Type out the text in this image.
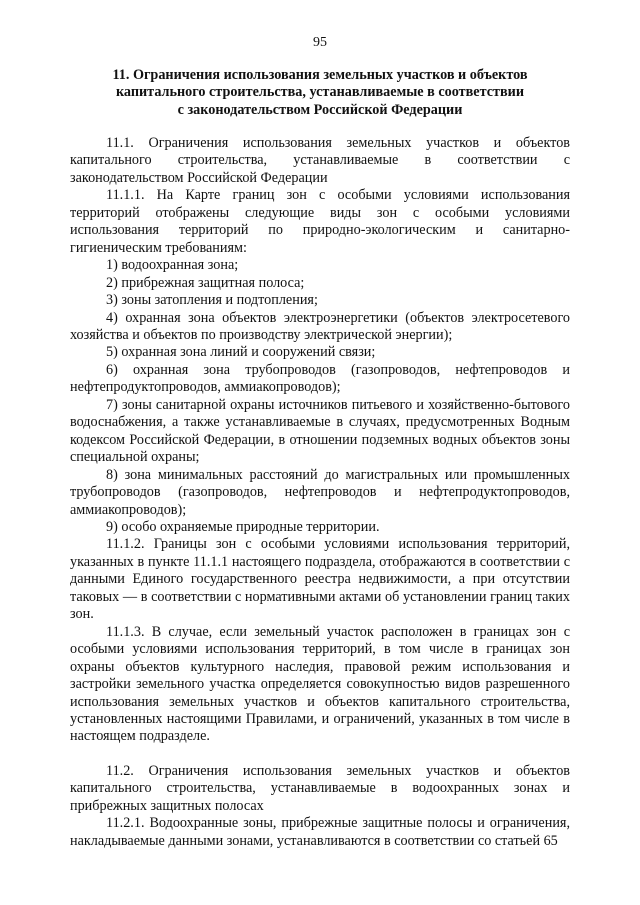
95
11. Ограничения использования земельных участков и объектов
капитального строительства, устанавливаемые в соответствии
с законодательством Российской Федерации

11.1. Ограничения использования земельных участков и объектов капитального строительства, устанавливаемые в соответствии с законодательством Российской Федерации

11.1.1. На Карте границ зон с особыми условиями использования территорий отображены следующие виды зон с особыми условиями использования территорий по природно-экологическим и санитарно-гигиеническим требованиям:

1) водоохранная зона;

2) прибрежная защитная полоса;

3) зоны затопления и подтопления;

4) охранная зона объектов электроэнергетики (объектов электросетевого хозяйства и объектов по производству электрической энергии);

5) охранная зона линий и сооружений связи;

6) охранная зона трубопроводов (газопроводов, нефтепроводов и нефтепродуктопроводов, аммиакопроводов);

7) зоны санитарной охраны источников питьевого и хозяйственно-бытового водоснабжения, а также устанавливаемые в случаях, предусмотренных Водным кодексом Российской Федерации, в отношении подземных водных объектов зоны специальной охраны;

8) зона минимальных расстояний до магистральных или промышленных трубопроводов (газопроводов, нефтепроводов и нефтепродуктопроводов, аммиакопроводов);

9) особо охраняемые природные территории.

11.1.2. Границы зон с особыми условиями использования территорий, указанных в пункте 11.1.1 настоящего подраздела, отображаются в соответствии с данными Единого государственного реестра недвижимости, а при отсутствии таковых — в соответствии с нормативными актами об установлении границ таких зон.

11.1.3. В случае, если земельный участок расположен в границах зон с особыми условиями использования территорий, в том числе в границах зон охраны объектов культурного наследия, правовой режим использования и застройки земельного участка определяется совокупностью видов разрешенного использования земельных участков и объектов капитального строительства, установленных настоящими Правилами, и ограничений, указанных в том числе в настоящем подразделе.

11.2. Ограничения использования земельных участков и объектов капитального строительства, устанавливаемые в водоохранных зонах и прибрежных защитных полосах

11.2.1. Водоохранные зоны, прибрежные защитные полосы и ограничения, накладываемые данными зонами, устанавливаются в соответствии со статьей 65
